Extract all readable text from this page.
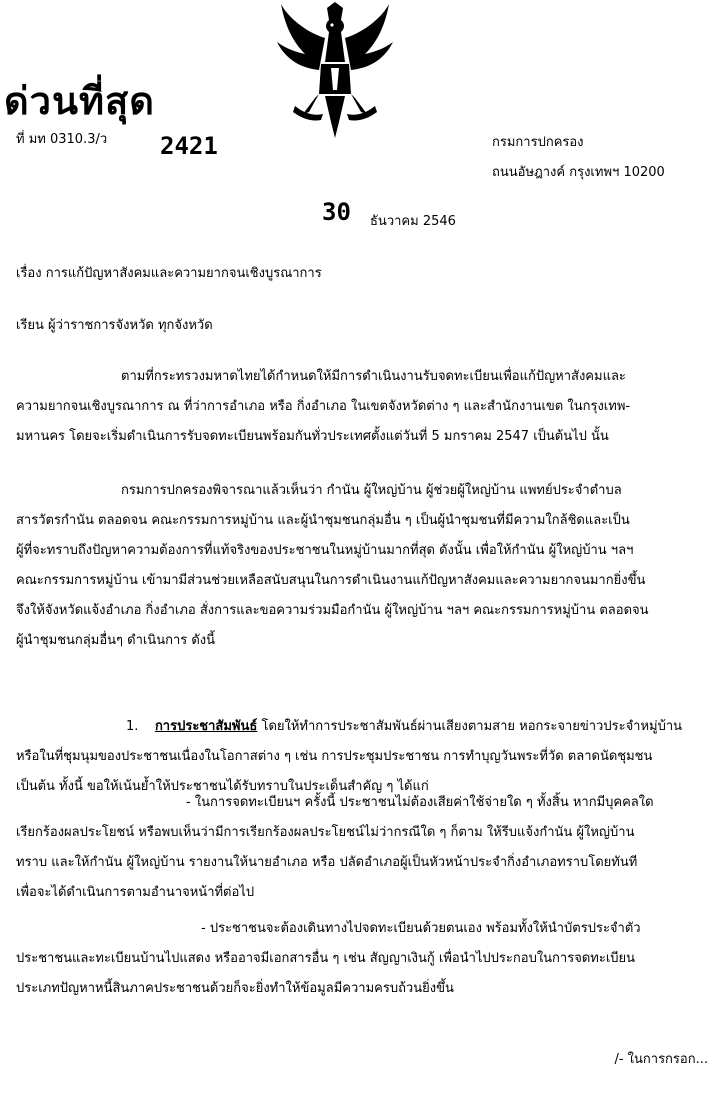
ด่วนที่สุด
ที่ มท 0310.3/ว 2421	กรมการปกครอง
ถนนอัษฎางค์ กรุงเทพฯ 10200
30 ธันวาคม 2546
เรื่อง การแก้ปัญหาสังคมและความยากจนเชิงบูรณาการ
เรียน ผู้ว่าราชการจังหวัด ทุกจังหวัด
ตามที่กระทรวงมหาดไทยได้กำหนดให้มีการดำเนินงานรับจดทะเบียนเพื่อแก้ปัญหาสังคมและ
ความยากจนเชิงบูรณาการ ณ ที่ว่าการอำเภอ หรือ กิ่งอำเภอ ในเขตจังหวัดต่าง ๆ และสำนักงานเขต ในกรุงเทพ-
มหานคร โดยจะเริ่มดำเนินการรับจดทะเบียนพร้อมกันทั่วประเทศตั้งแต่วันที่ 5 มกราคม 2547 เป็นต้นไป นั้น
กรมการปกครองพิจารณาแล้วเห็นว่า กำนัน ผู้ใหญ่บ้าน ผู้ช่วยผู้ใหญ่บ้าน แพทย์ประจำตำบล
สารวัตรกำนัน ตลอดจน คณะกรรมการหมู่บ้าน และผู้นำชุมชนกลุ่มอื่น ๆ เป็นผู้นำชุมชนที่มีความใกล้ชิดและเป็น
ผู้ที่จะทราบถึงปัญหาความต้องการที่แท้จริงของประชาชนในหมู่บ้านมากที่สุด ดังนั้น เพื่อให้กำนัน ผู้ใหญ่บ้าน ฯลฯ
คณะกรรมการหมู่บ้าน เข้ามามีส่วนช่วยเหลือสนับสนุนในการดำเนินงานแก้ปัญหาสังคมและความยากจนมากยิ่งขึ้น
จึงให้จังหวัดแจ้งอำเภอ กิ่งอำเภอ สั่งการและขอความร่วมมือกำนัน ผู้ใหญ่บ้าน ฯลฯ คณะกรรมการหมู่บ้าน ตลอดจน
ผู้นำชุมชนกลุ่มอื่นๆ ดำเนินการ ดังนี้
1. การประชาสัมพันธ์ โดยให้ทำการประชาสัมพันธ์ผ่านเสียงตามสาย หอกระจายข่าวประจำหมู่บ้าน
หรือในที่ชุมนุมของประชาชนเนื่องในโอกาสต่าง ๆ เช่น การประชุมประชาชน การทำบุญวันพระที่วัด ตลาดนัดชุมชน
เป็นต้น ทั้งนี้ ขอให้เน้นย้ำให้ประชาชนได้รับทราบในประเด็นสำคัญ ๆ ได้แก่
- ในการจดทะเบียนฯ ครั้งนี้ ประชาชนไม่ต้องเสียค่าใช้จ่ายใด ๆ ทั้งสิ้น หากมีบุคคลใด
เรียกร้องผลประโยชน์ หรือพบเห็นว่ามีการเรียกร้องผลประโยชน์ไม่ว่ากรณีใด ๆ ก็ตาม ให้รีบแจ้งกำนัน ผู้ใหญ่บ้าน
ทราบ และให้กำนัน ผู้ใหญ่บ้าน รายงานให้นายอำเภอ หรือ ปลัดอำเภอผู้เป็นหัวหน้าประจำกิ่งอำเภอทราบโดยทันที
เพื่อจะได้ดำเนินการตามอำนาจหน้าที่ต่อไป
- ประชาชนจะต้องเดินทางไปจดทะเบียนด้วยตนเอง พร้อมทั้งให้นำบัตรประจำตัว
ประชาชนและทะเบียนบ้านไปแสดง หรืออาจมีเอกสารอื่น ๆ เช่น สัญญาเงินกู้ เพื่อนำไปประกอบในการจดทะเบียน
ประเภทปัญหาหนี้สินภาคประชาชนด้วยก็จะยิ่งทำให้ข้อมูลมีความครบถ้วนยิ่งขึ้น
/- ในการกรอก...
